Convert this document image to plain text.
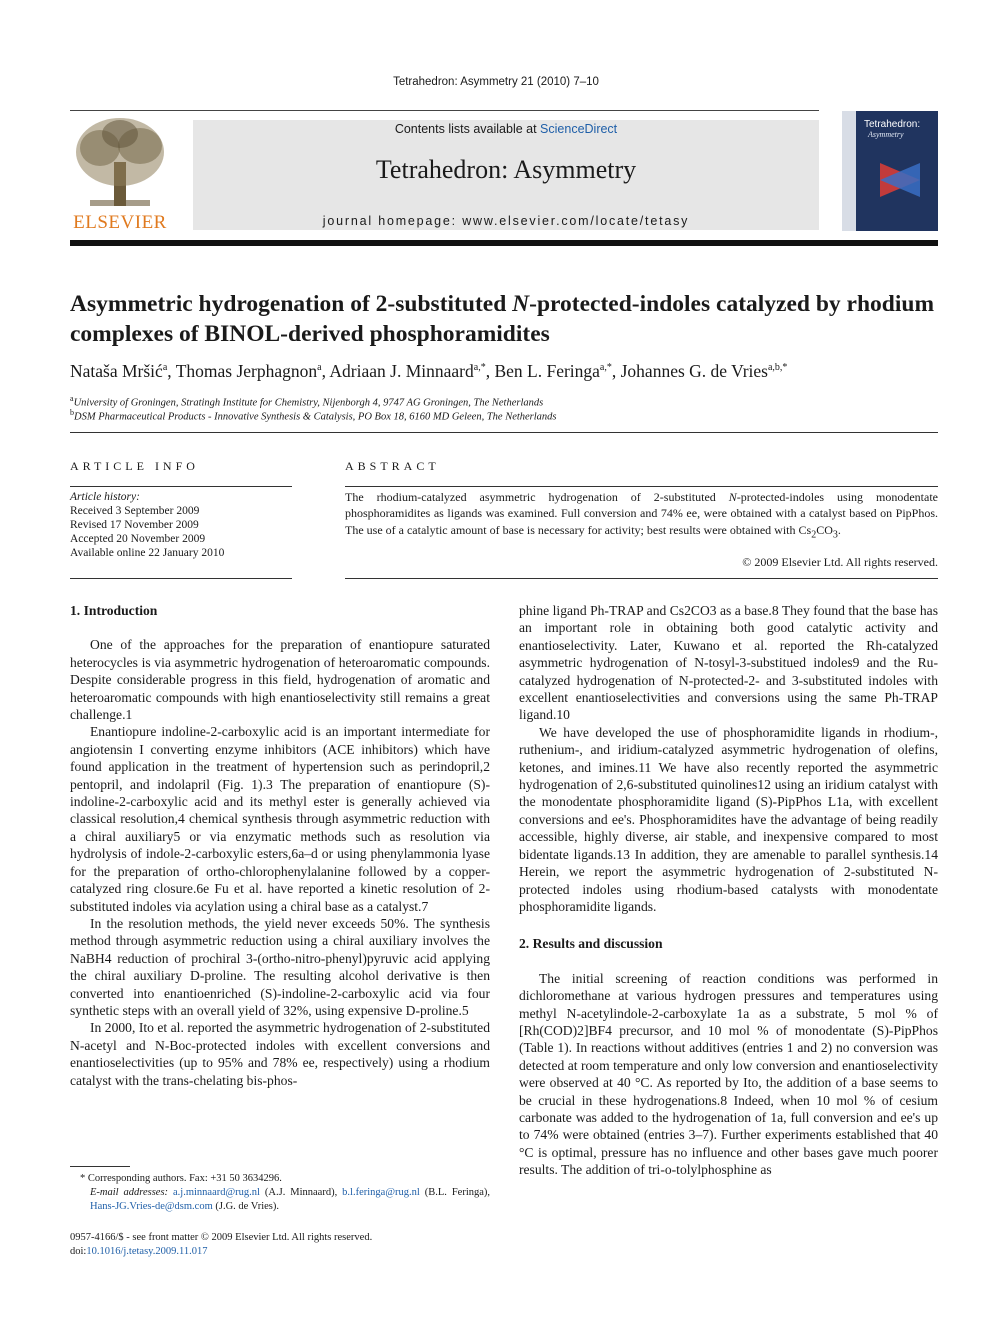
Tetrahedron: Asymmetry 21 (2010) 7–10
ELSEVIER
Contents lists available at ScienceDirect
Tetrahedron: Asymmetry
journal homepage: www.elsevier.com/locate/tetasy
Tetrahedron:
Asymmetry
Asymmetric hydrogenation of 2-substituted N-protected-indoles catalyzed by rhodium complexes of BINOL-derived phosphoramidites
Nataša Mršić$^a$, Thomas Jerphagnon$^a$, Adriaan J. Minnaard$^{a,*}$, Ben L. Feringa$^{a,*}$, Johannes G. de Vries$^{a,b,*}$
$^a$University of Groningen, Stratingh Institute for Chemistry, Nijenborgh 4, 9747 AG Groningen, The Netherlands
$^b$DSM Pharmaceutical Products - Innovative Synthesis & Catalysis, PO Box 18, 6160 MD Geleen, The Netherlands
ARTICLE INFO
Article history:
Received 3 September 2009
Revised 17 November 2009
Accepted 20 November 2009
Available online 22 January 2010
ABSTRACT
The rhodium-catalyzed asymmetric hydrogenation of 2-substituted N-protected-indoles using monodentate phosphoramidites as ligands was examined. Full conversion and 74% ee, were obtained with a catalyst based on PipPhos. The use of a catalytic amount of base is necessary for activity; best results were obtained with $Cs_2CO_3$.
© 2009 Elsevier Ltd. All rights reserved.
1. Introduction

One of the approaches for the preparation of enantiopure saturated heterocycles is via asymmetric hydrogenation of heteroaromatic compounds. Despite considerable progress in this field, hydrogenation of aromatic and heteroaromatic compounds with high enantioselectivity still remains a great challenge.1

Enantiopure indoline-2-carboxylic acid is an important intermediate for angiotensin I converting enzyme inhibitors (ACE inhibitors) which have found application in the treatment of hypertension such as perindopril,2 pentopril, and indolapril (Fig. 1).3 The preparation of enantiopure (S)-indoline-2-carboxylic acid and its methyl ester is generally achieved via classical resolution,4 chemical synthesis through asymmetric reduction with a chiral auxiliary5 or via enzymatic methods such as resolution via hydrolysis of indole-2-carboxylic esters,6a–d or using phenylammonia lyase for the preparation of ortho-chlorophenylalanine followed by a copper-catalyzed ring closure.6e Fu et al. have reported a kinetic resolution of 2-substituted indoles via acylation using a chiral base as a catalyst.7

In the resolution methods, the yield never exceeds 50%. The synthesis method through asymmetric reduction using a chiral auxiliary involves the NaBH4 reduction of prochiral 3-(ortho-nitro-phenyl)pyruvic acid applying the chiral auxiliary D-proline. The resulting alcohol derivative is then converted into enantioenriched (S)-indoline-2-carboxylic acid via four synthetic steps with an overall yield of 32%, using expensive D-proline.5

In 2000, Ito et al. reported the asymmetric hydrogenation of 2-substituted N-acetyl and N-Boc-protected indoles with excellent conversions and enantioselectivities (up to 95% and 78% ee, respectively) using a rhodium catalyst with the trans-chelating bis-phos-

phine ligand Ph-TRAP and Cs2CO3 as a base.8 They found that the base has an important role in obtaining both good catalytic activity and enantioselectivity. Later, Kuwano et al. reported the Rh-catalyzed asymmetric hydrogenation of N-tosyl-3-substitued indoles9 and the Ru-catalyzed hydrogenation of N-protected-2- and 3-substituted indoles with excellent enantioselectivities and conversions using the same Ph-TRAP ligand.10

We have developed the use of phosphoramidite ligands in rhodium-, ruthenium-, and iridium-catalyzed asymmetric hydrogenation of olefins, ketones, and imines.11 We have also recently reported the asymmetric hydrogenation of 2,6-substituted quinolines12 using an iridium catalyst with the monodentate phosphoramidite ligand (S)-PipPhos L1a, with excellent conversions and ee's. Phosphoramidites have the advantage of being readily accessible, highly diverse, air stable, and inexpensive compared to most bidentate ligands.13 In addition, they are amenable to parallel synthesis.14 Herein, we report the asymmetric hydrogenation of 2-substituted N-protected indoles using rhodium-based catalysts with monodentate phosphoramidite ligands.

2. Results and discussion

The initial screening of reaction conditions was performed in dichloromethane at various hydrogen pressures and temperatures using methyl N-acetylindole-2-carboxylate 1a as a substrate, 5 mol % of [Rh(COD)2]BF4 precursor, and 10 mol % of monodentate (S)-PipPhos (Table 1). In reactions without additives (entries 1 and 2) no conversion was detected at room temperature and only low conversion and enantioselectivity were observed at 40 °C. As reported by Ito, the addition of a base seems to be crucial in these hydrogenations.8 Indeed, when 10 mol % of cesium carbonate was added to the hydrogenation of 1a, full conversion and ee's up to 74% were obtained (entries 3–7). Further experiments established that 40 °C is optimal, pressure has no influence and other bases gave much poorer results. The addition of tri-o-tolylphosphine as

* Corresponding authors. Fax: +31 50 3634296.
E-mail addresses: a.j.minnaard@rug.nl (A.J. Minnaard), b.l.feringa@rug.nl (B.L. Feringa), Hans-JG.Vries-de@dsm.com (J.G. de Vries).
0957-4166/$ - see front matter © 2009 Elsevier Ltd. All rights reserved.
doi:10.1016/j.tetasy.2009.11.017
